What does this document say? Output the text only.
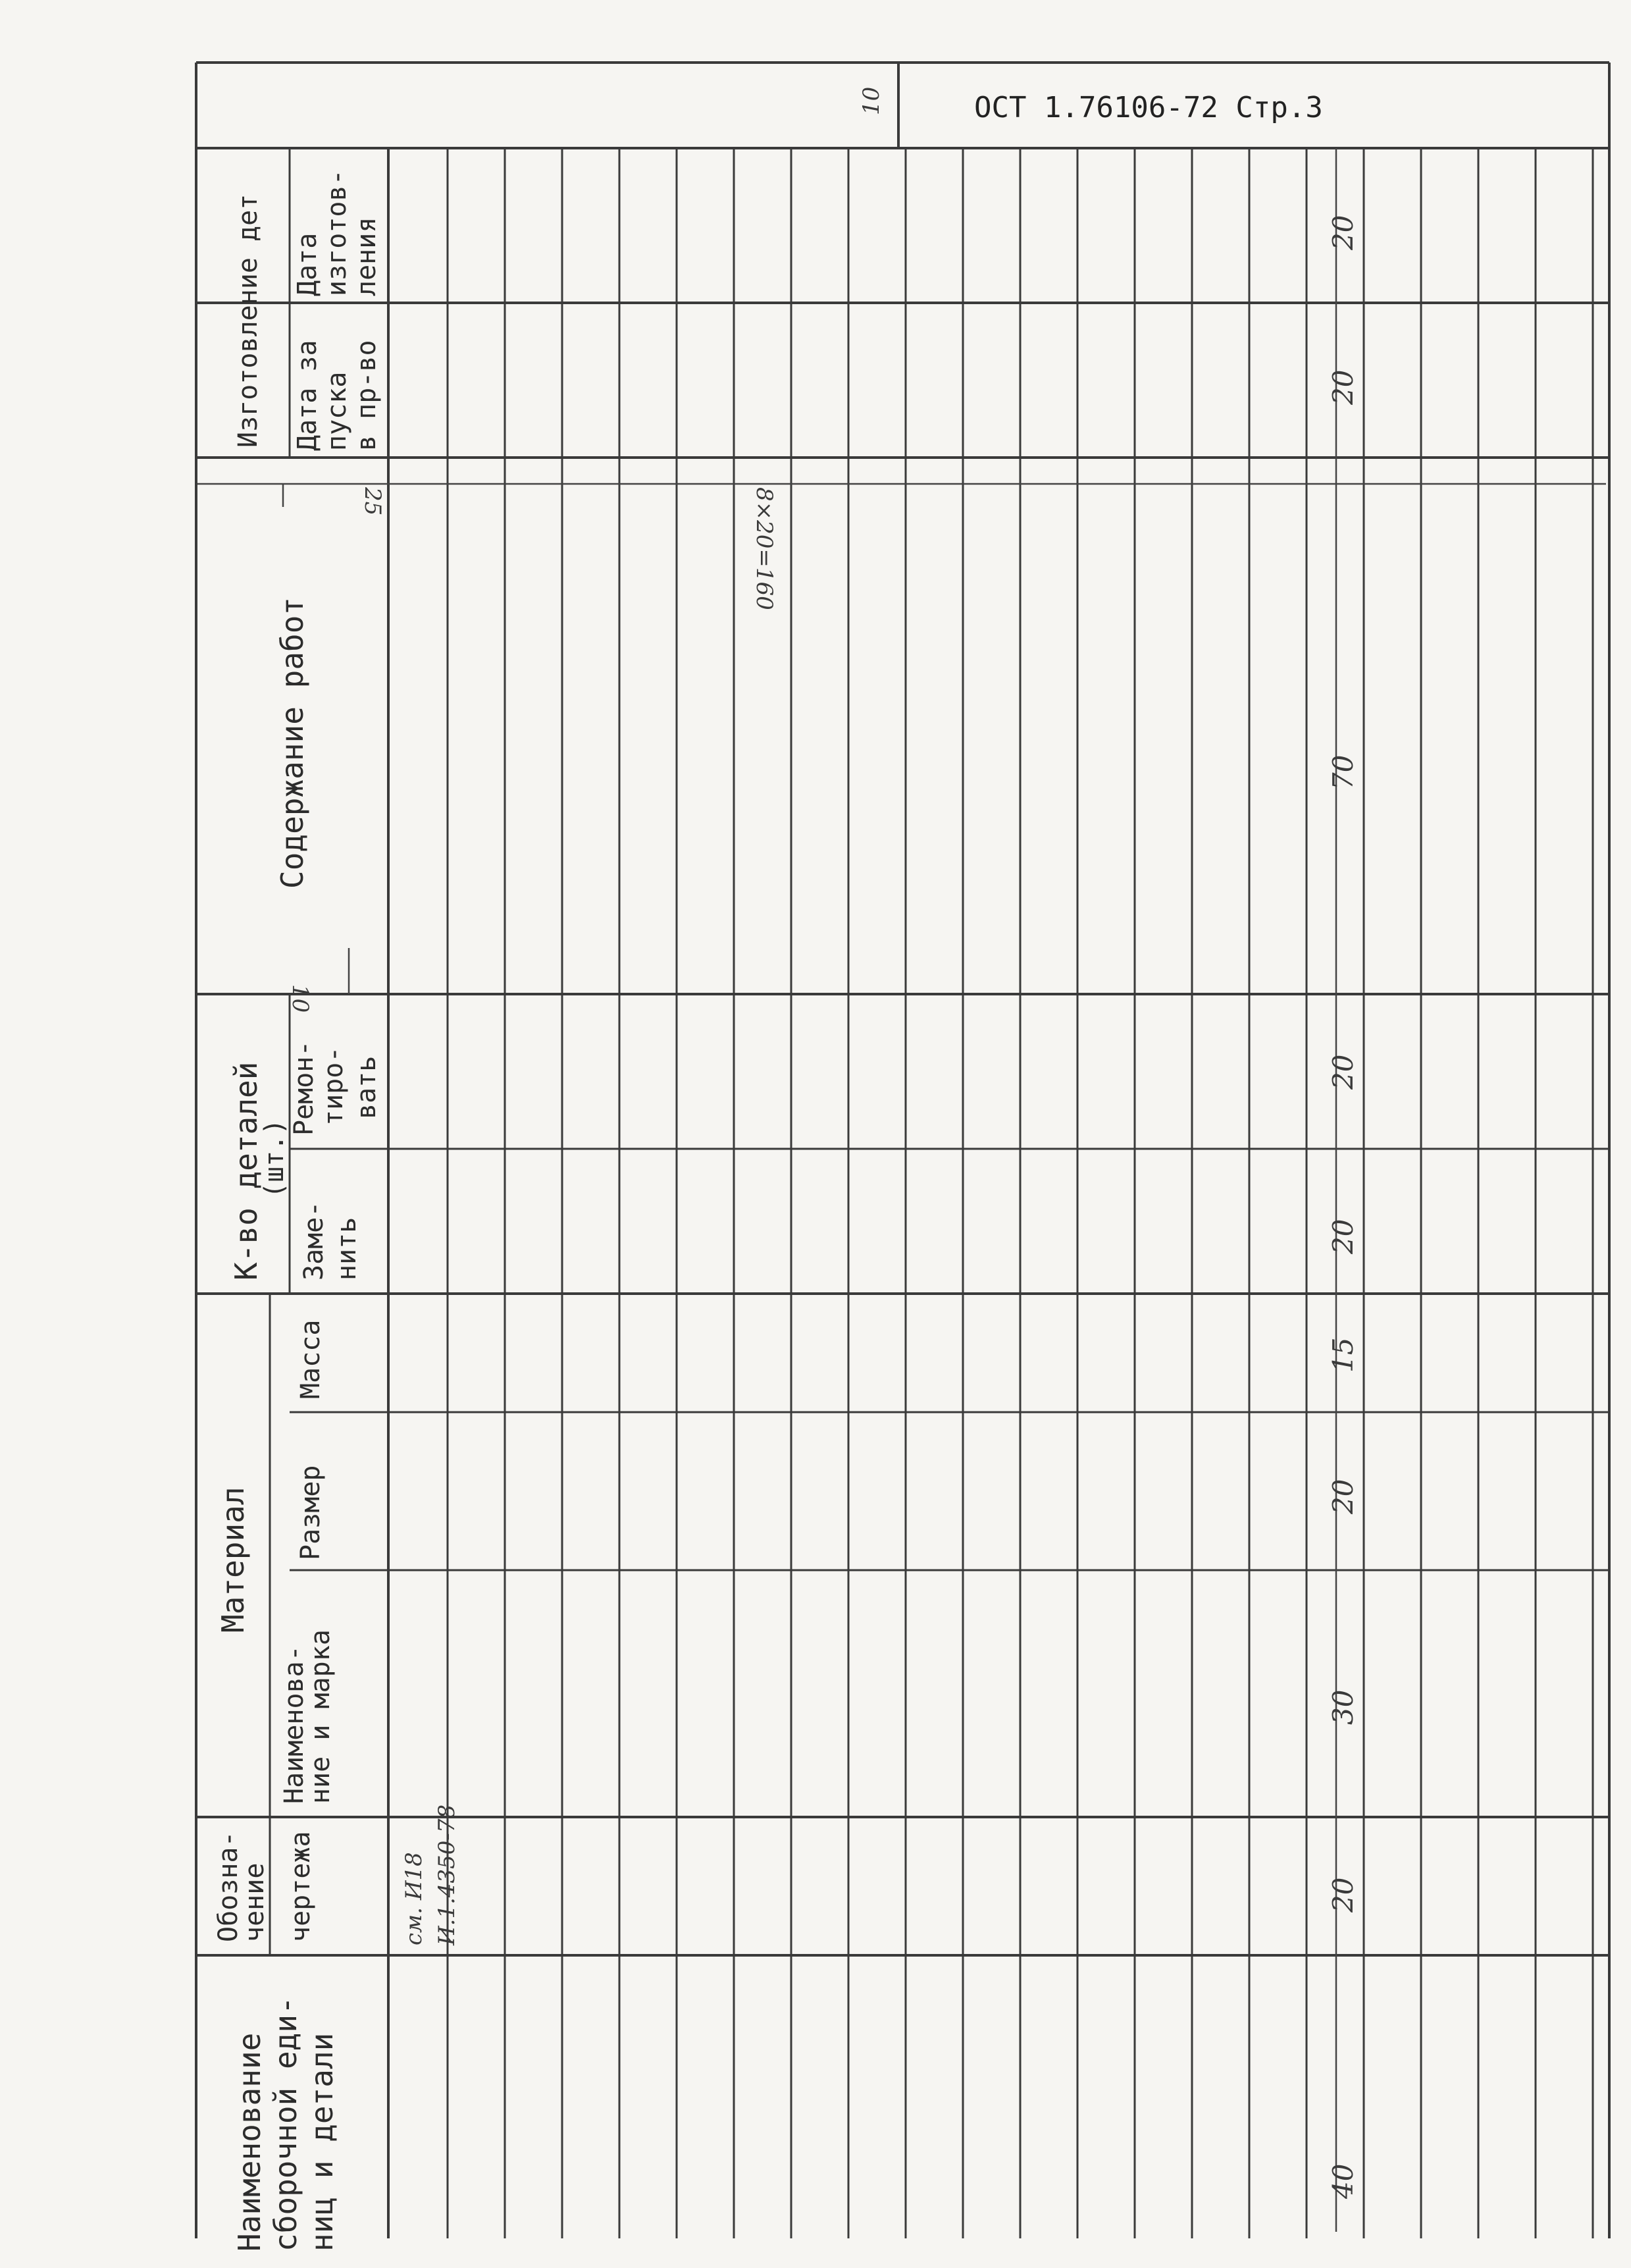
ОСТ 1.76106-72 Стр.3
10
Наименование сборочной еди- ниц и детали
Обозна-
чение чертежа
Материал
Наименова-
ние и марка
Размер
Масса
К-во деталей
(шт.)
Заме- нить
Ремон- тиро- вать
Содержание работ
Изготовление дет Дата за пуска в пр-во
Дата изготов- ления
40
20
30
20
15
20
20
70
20
20
25
10
8×20=160
см. И18 И.1.4350-78
